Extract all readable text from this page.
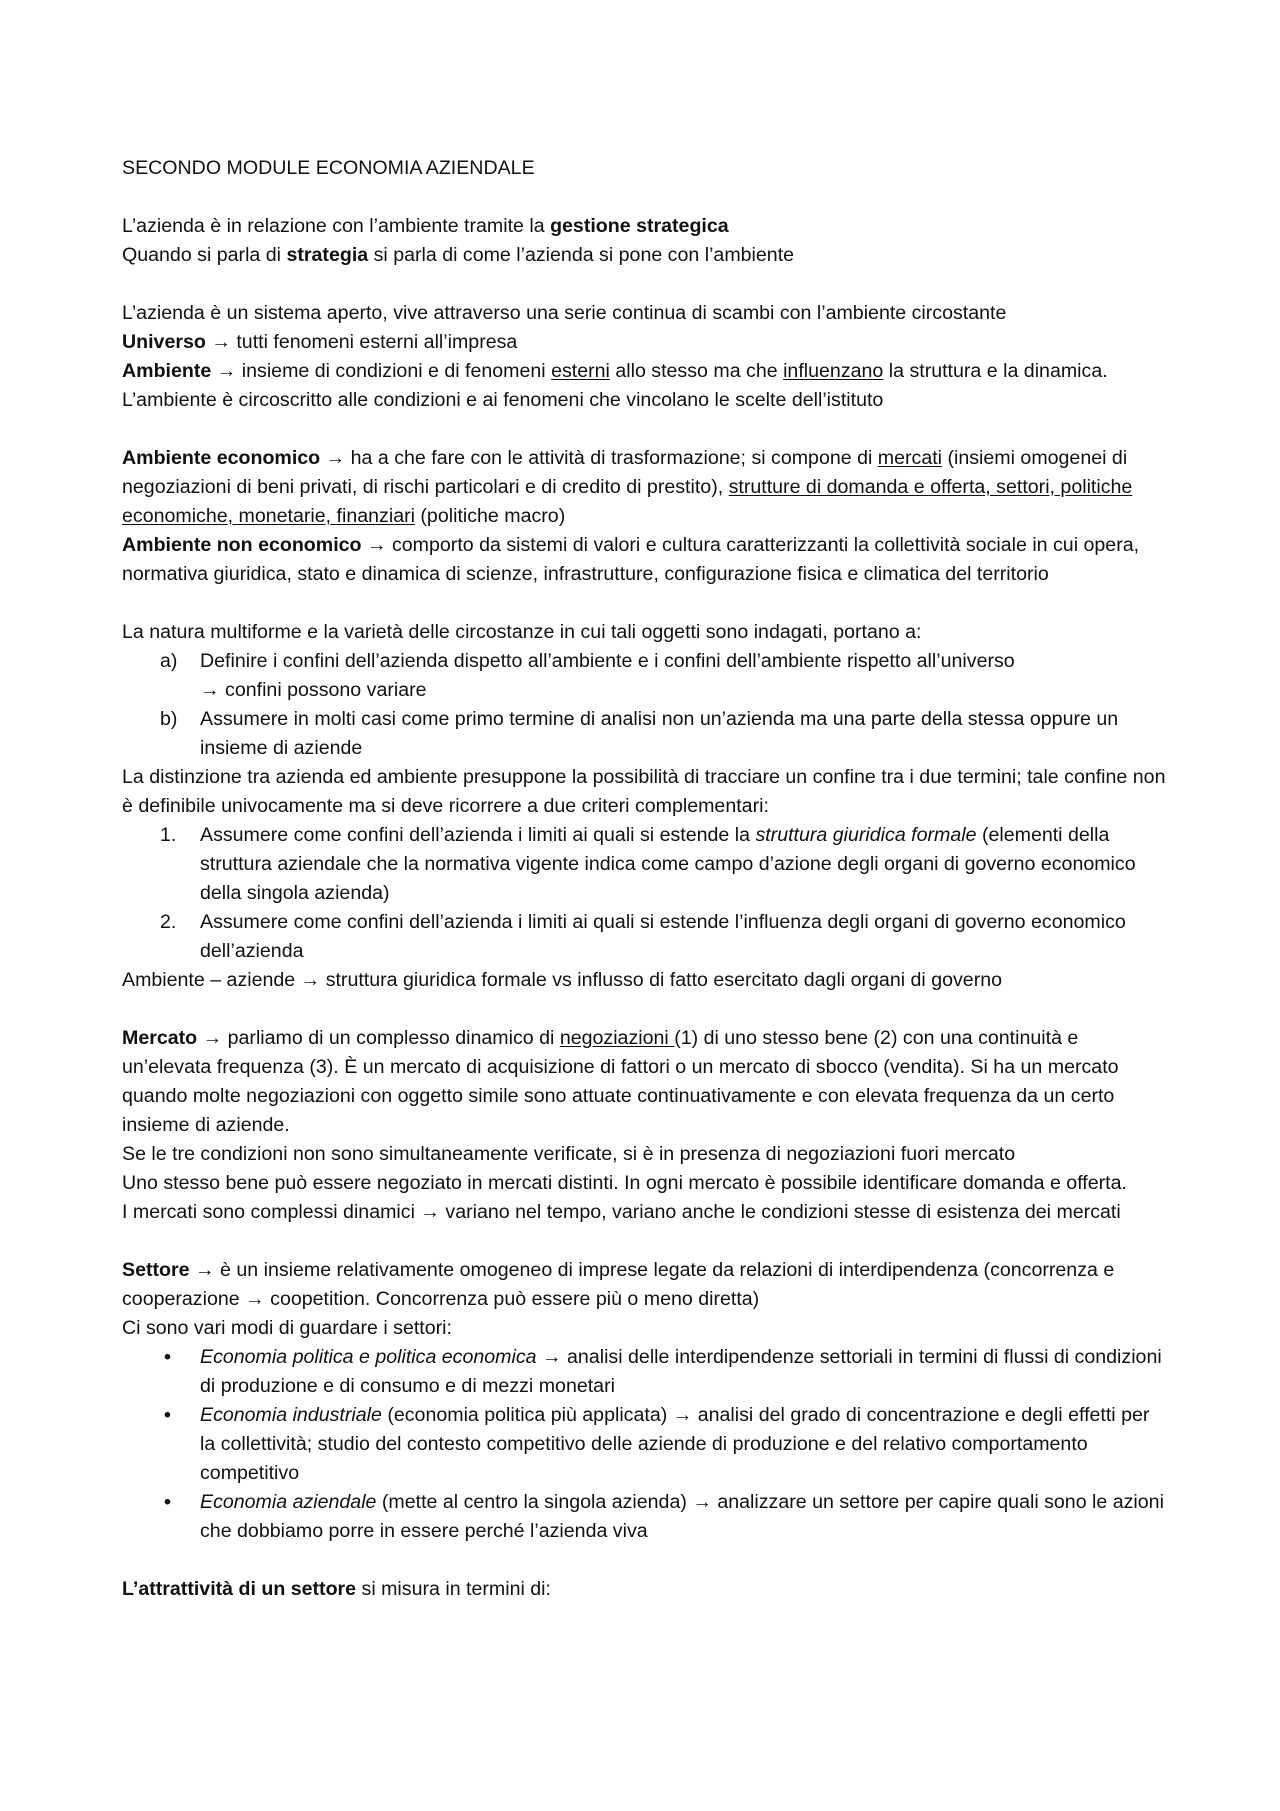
SECONDO MODULE ECONOMIA AZIENDALE

L’azienda è in relazione con l’ambiente tramite la gestione strategica

Quando si parla di strategia si parla di come l’azienda si pone con l’ambiente

L’azienda è un sistema aperto, vive attraverso una serie continua di scambi con l’ambiente circostante

Universo → tutti fenomeni esterni all’impresa

Ambiente → insieme di condizioni e di fenomeni esterni allo stesso ma che influenzano la struttura e la dinamica. L’ambiente è circoscritto alle condizioni e ai fenomeni che vincolano le scelte dell’istituto

Ambiente economico → ha a che fare con le attività di trasformazione; si compone di mercati (insiemi omogenei di negoziazioni di beni privati, di rischi particolari e di credito di prestito), strutture di domanda e offerta, settori, politiche economiche, monetarie, finanziari (politiche macro)

Ambiente non economico → comporto da sistemi di valori e cultura caratterizzanti la collettività sociale in cui opera, normativa giuridica, stato e dinamica di scienze, infrastrutture, configurazione fisica e climatica del territorio

La natura multiforme e la varietà delle circostanze in cui tali oggetti sono indagati, portano a:

a)	Definire i confini dell’azienda dispetto all’ambiente e i confini dell’ambiente rispetto all’universo
→ confini possono variare
b)	Assumere in molti casi come primo termine di analisi non un’azienda ma una parte della stessa oppure un insieme di aziende

La distinzione tra azienda ed ambiente presuppone la possibilità di tracciare un confine tra i due termini; tale confine non è definibile univocamente ma si deve ricorrere a due criteri complementari:

1.	Assumere come confini dell’azienda i limiti ai quali si estende la struttura giuridica formale (elementi della struttura aziendale che la normativa vigente indica come campo d’azione degli organi di governo economico della singola azienda)
2.	Assumere come confini dell’azienda i limiti ai quali si estende l’influenza degli organi di governo economico dell’azienda

Ambiente – aziende → struttura giuridica formale vs influsso di fatto esercitato dagli organi di governo

Mercato → parliamo di un complesso dinamico di negoziazioni (1) di uno stesso bene (2) con una continuità e un’elevata frequenza (3). È un mercato di acquisizione di fattori o un mercato di sbocco (vendita). Si ha un mercato quando molte negoziazioni con oggetto simile sono attuate continuativamente e con elevata frequenza da un certo insieme di aziende.

Se le tre condizioni non sono simultaneamente verificate, si è in presenza di negoziazioni fuori mercato

Uno stesso bene può essere negoziato in mercati distinti. In ogni mercato è possibile identificare domanda e offerta.

I mercati sono complessi dinamici → variano nel tempo, variano anche le condizioni stesse di esistenza dei mercati

Settore → è un insieme relativamente omogeneo di imprese legate da relazioni di interdipendenza (concorrenza e cooperazione → coopetition. Concorrenza può essere più o meno diretta)

Ci sono vari modi di guardare i settori:

• Economia politica e politica economica → analisi delle interdipendenze settoriali in termini di flussi di condizioni di produzione e di consumo e di mezzi monetari
• Economia industriale (economia politica più applicata) → analisi del grado di concentrazione e degli effetti per la collettività; studio del contesto competitivo delle aziende di produzione e del relativo comportamento competitivo
• Economia aziendale (mette al centro la singola azienda) → analizzare un settore per capire quali sono le azioni che dobbiamo porre in essere perché l’azienda viva

L’attrattività di un settore si misura in termini di:
